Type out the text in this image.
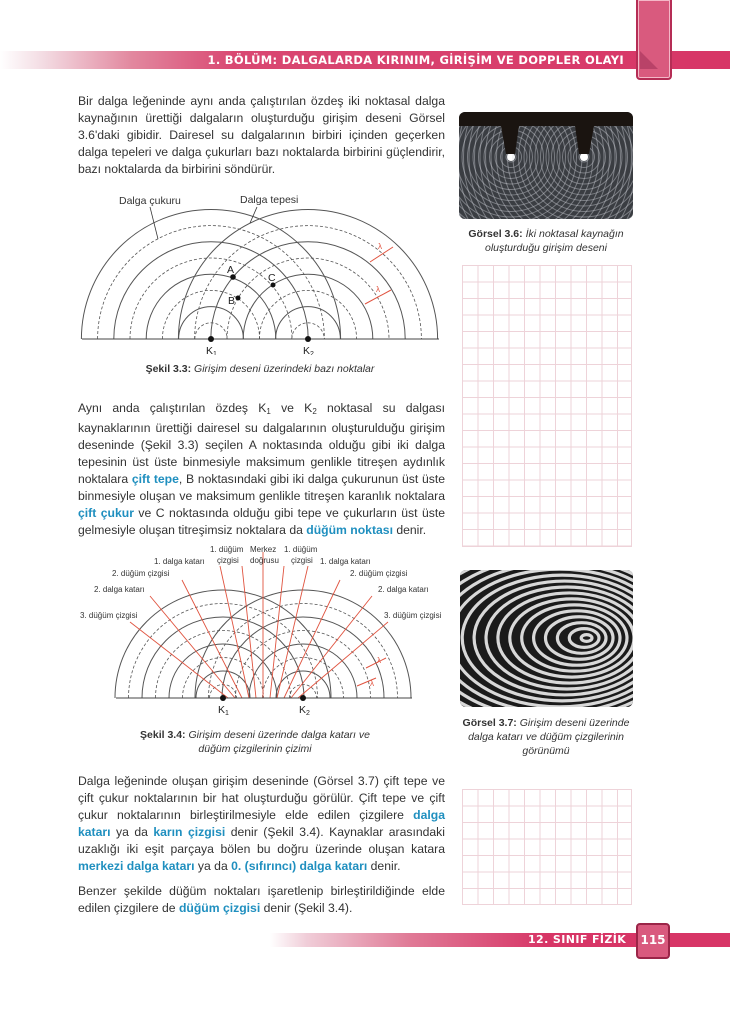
1. BÖLÜM: DALGALARDA KIRINIM, GİRİŞİM VE DOPPLER OLAYI

Bir dalga leğeninde aynı anda çalıştırılan özdeş iki noktasal dalga kaynağının ürettiği dalgaların oluşturduğu girişim deseni Görsel 3.6'daki gibidir. Dairesel su dalgalarının birbiri içinden geçerken dalga tepeleri ve dalga çukurları bazı noktalarda birbirini güçlendirir, bazı noktalarda da birbirini söndürür.

Dalga çukuru	Dalga tepesi
A
B
C
K1	K2
λ
λ
Şekil 3.3: Girişim deseni üzerindeki bazı noktalar
Görsel 3.6: İki noktasal kaynağın
oluşturduğu girişim deseni

Aynı anda çalıştırılan özdeş $K_1$ ve $K_2$ noktasal su dalgası kaynaklarının ürettiği dairesel su dalgalarının oluşturulduğu girişim deseninde (Şekil 3.3) seçilen A noktasında olduğu gibi iki dalga tepesinin üst üste binmesiyle maksimum genlikle titreşen aydınlık noktalara çift tepe, B noktasındaki gibi iki dalga çukurunun üst üste binmesiyle oluşan ve maksimum genlikle titreşen karanlık noktalara çift çukur ve C noktasında olduğu gibi tepe ve çukurların üst üste gelmesiyle oluşan titreşimsiz noktalara da düğüm noktası denir.

K1	K2
1. düğüm
çizgisi
1. dalga katarı
2. düğüm çizgisi
2. dalga katarı
3. düğüm çizgisi
Merkez
doğrusu
1. düğüm
çizgisi 1. dalga katarı
2. düğüm çizgisi
2. dalga katarı
3. düğüm çizgisi
λ
λ
Şekil 3.4: Girişim deseni üzerinde dalga katarı ve
düğüm çizgilerinin çizimi
Görsel 3.7: Girişim deseni üzerinde
dalga katarı ve düğüm çizgilerinin
görünümü

Dalga leğeninde oluşan girişim deseninde (Görsel 3.7) çift tepe ve çift çukur noktalarının bir hat oluşturduğu görülür. Çift tepe ve çift çukur noktalarının birleştirilmesiyle elde edilen çizgilere dalga katarı ya da karın çizgisi denir (Şekil 3.4). Kaynaklar arasındaki uzaklığı iki eşit parçaya bölen bu doğru üzerinde oluşan katara merkezi dalga katarı ya da 0. (sıfırıncı) dalga katarı denir.

Benzer şekilde düğüm noktaları işaretlenip birleştirildiğinde elde edilen çizgilere de düğüm çizgisi denir (Şekil 3.4).

12. SINIF FİZİK	115
